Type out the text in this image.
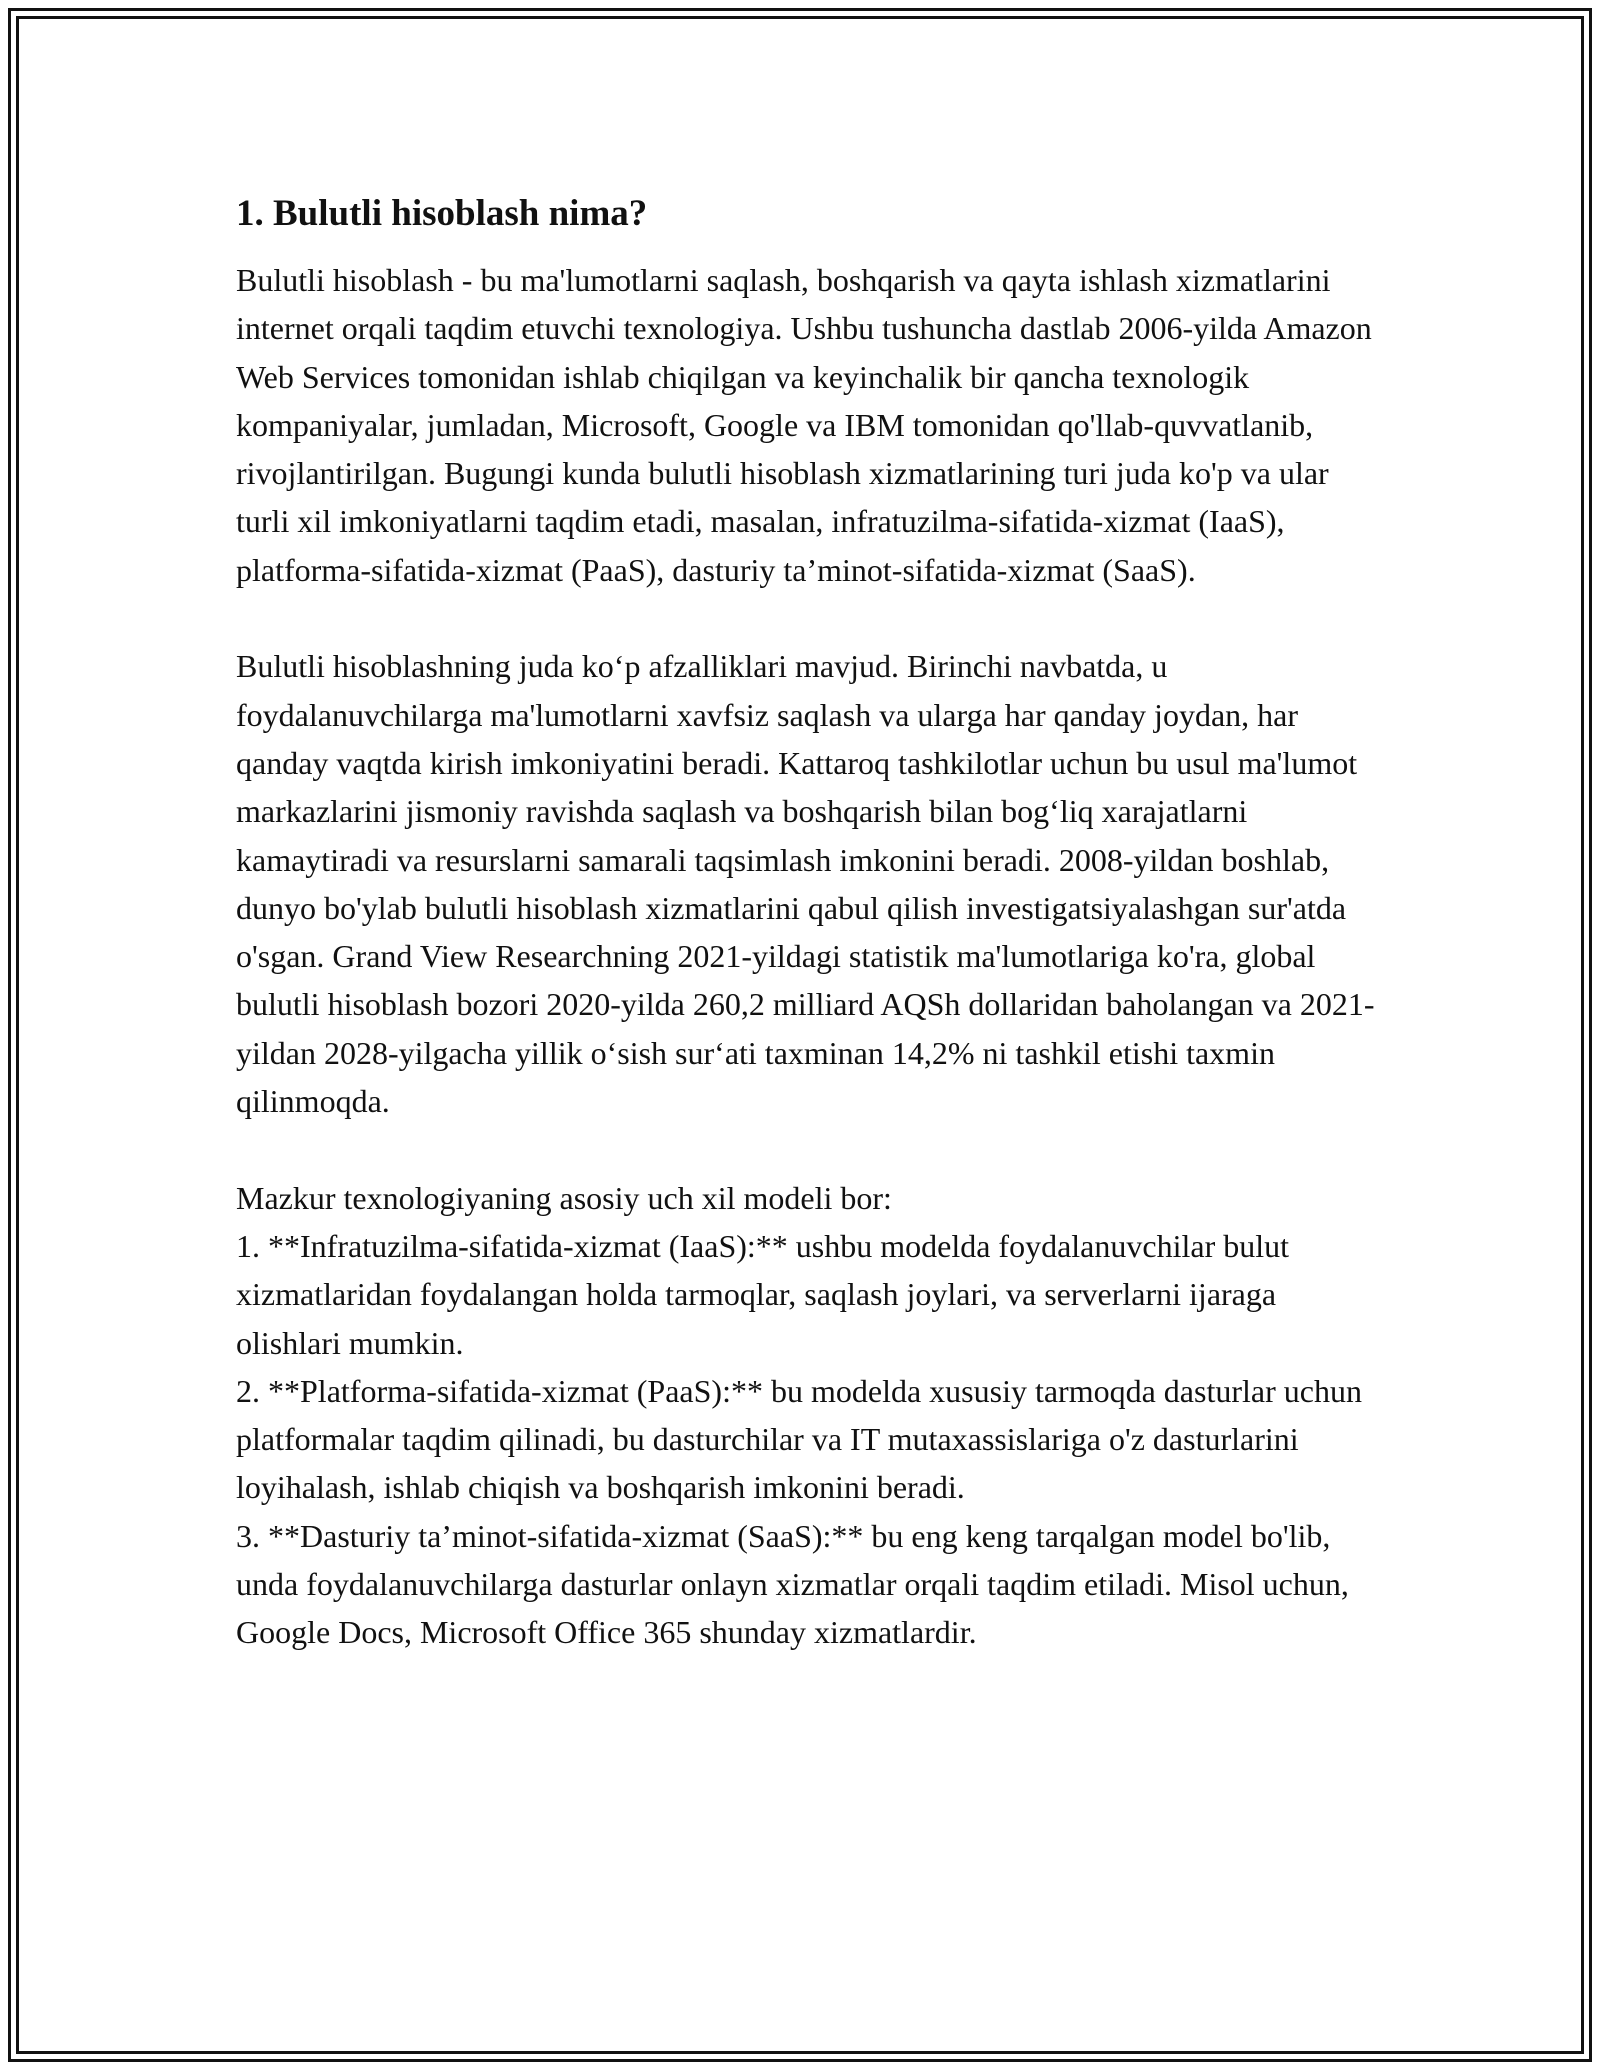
1. Bulutli hisoblash nima?

Bulutli hisoblash - bu ma'lumotlarni saqlash, boshqarish va qayta ishlash xizmatlarini internet orqali taqdim etuvchi texnologiya. Ushbu tushuncha dastlab 2006-yilda Amazon Web Services tomonidan ishlab chiqilgan va keyinchalik bir qancha texnologik kompaniyalar, jumladan, Microsoft, Google va IBM tomonidan qo'llab-quvvatlanib, rivojlantirilgan. Bugungi kunda bulutli hisoblash xizmatlarining turi juda ko'p va ular turli xil imkoniyatlarni taqdim etadi, masalan, infratuzilma-sifatida-xizmat (IaaS), platforma-sifatida-xizmat (PaaS), dasturiy ta’minot-sifatida-xizmat (SaaS).

Bulutli hisoblashning juda ko‘p afzalliklari mavjud. Birinchi navbatda, u foydalanuvchilarga ma'lumotlarni xavfsiz saqlash va ularga har qanday joydan, har qanday vaqtda kirish imkoniyatini beradi. Kattaroq tashkilotlar uchun bu usul ma'lumot markazlarini jismoniy ravishda saqlash va boshqarish bilan bog‘liq xarajatlarni kamaytiradi va resurslarni samarali taqsimlash imkonini beradi. 2008-yildan boshlab, dunyo bo'ylab bulutli hisoblash xizmatlarini qabul qilish investigatsiyalashgan sur'atda o'sgan. Grand View Researchning 2021-yildagi statistik ma'lumotlariga ko'ra, global bulutli hisoblash bozori 2020-yilda 260,2 milliard AQSh dollaridan baholangan va 2021-yildan 2028-yilgacha yillik o‘sish sur‘ati taxminan 14,2% ni tashkil etishi taxmin qilinmoqda.

Mazkur texnologiyaning asosiy uch xil modeli bor:

1. **Infratuzilma-sifatida-xizmat (IaaS):** ushbu modelda foydalanuvchilar bulut xizmatlaridan foydalangan holda tarmoqlar, saqlash joylari, va serverlarni ijaraga olishlari mumkin.

2. **Platforma-sifatida-xizmat (PaaS):** bu modelda xususiy tarmoqda dasturlar uchun platformalar taqdim qilinadi, bu dasturchilar va IT mutaxassislariga o'z dasturlarini loyihalash, ishlab chiqish va boshqarish imkonini beradi.

3. **Dasturiy ta’minot-sifatida-xizmat (SaaS):** bu eng keng tarqalgan model bo'lib, unda foydalanuvchilarga dasturlar onlayn xizmatlar orqali taqdim etiladi. Misol uchun, Google Docs, Microsoft Office 365 shunday xizmatlardir.
